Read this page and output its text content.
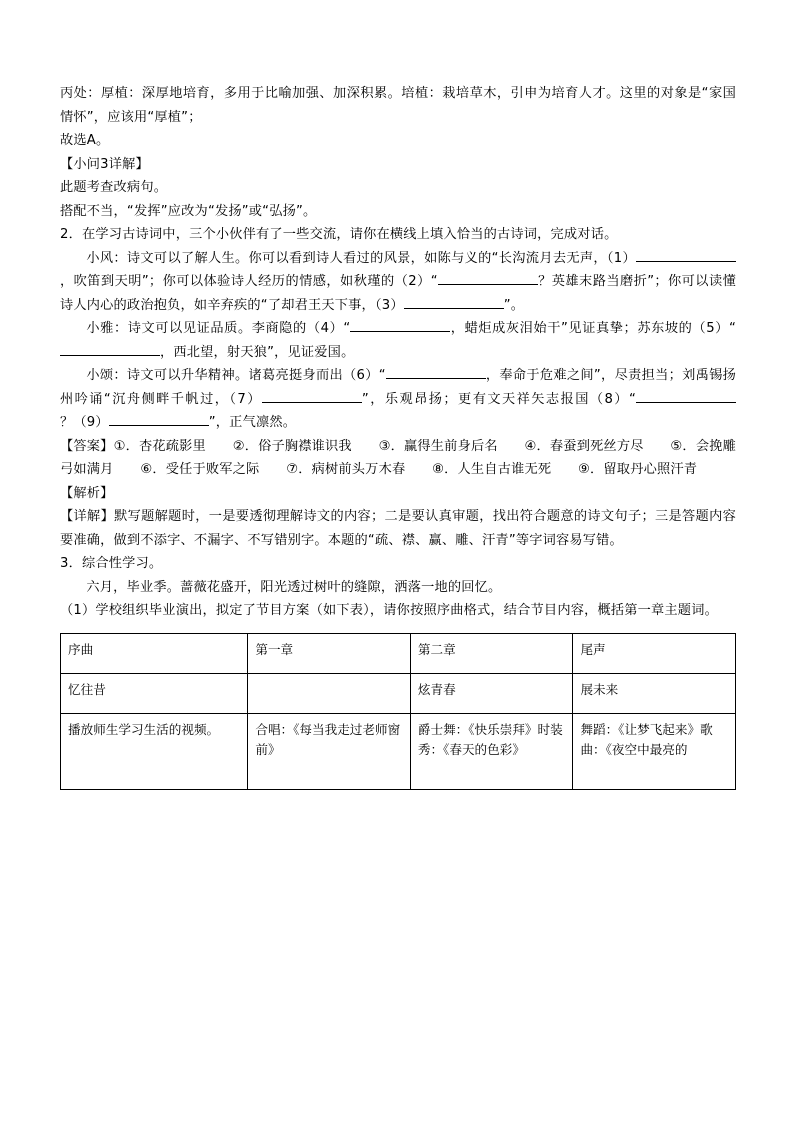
丙处：厚植：深厚地培育，多用于比喻加强、加深积累。培植：栽培草木，引申为培育人才。这里的对象是“家国情怀”，应该用“厚植”；

故选A。

【小问3详解】

此题考查改病句。

搭配不当，“发挥”应改为“发扬”或“弘扬”。

2．在学习古诗词中，三个小伙伴有了一些交流，请你在横线上填入恰当的古诗词，完成对话。

小风：诗文可以了解人生。你可以看到诗人看过的风景，如陈与义的“长沟流月去无声，（1），吹笛到天明”；你可以体验诗人经历的情感，如秋瑾的（2）“	？英雄末路当磨折”；你可以读懂诗人内心的政治抱负，如辛弃疾的“了却君王天下事，（3）	”。

小雅：诗文可以见证品质。李商隐的（4）“	，蜡炬成灰泪始干”见证真挚；苏东坡的（5）“，西北望，射天狼”，见证爱国。

小颂：诗文可以升华精神。诸葛亮挺身而出（6）“	，奉命于危难之间”，尽责担当；刘禹锡扬州吟诵“沉舟侧畔千帆过，（7）	”，乐观昂扬；更有文天祥矢志报国（8）“？（9）	”，正气凛然。

【答案】①．杏花疏影里　　②．俗子胸襟谁识我　　③．赢得生前身后名　　④．春蚕到死丝方尽　　⑤．会挽雕弓如满月　　⑥．受任于败军之际　　⑦．病树前头万木春　　⑧．人生自古谁无死　　⑨．留取丹心照汗青

【解析】

【详解】默写题解题时，一是要透彻理解诗文的内容；二是要认真审题，找出符合题意的诗文句子；三是答题内容要准确，做到不添字、不漏字、不写错别字。本题的“疏、襟、赢、雕、汗青”等字词容易写错。

3．综合性学习。

六月，毕业季。蔷薇花盛开，阳光透过树叶的缝隙，洒落一地的回忆。

（1）学校组织毕业演出，拟定了节目方案（如下表），请你按照序曲格式，结合节目内容，概括第一章主题词。

序曲	第一章	第二章	尾声
忆往昔		炫青春	展未来
播放师生学习生活的视频。	合唱：《每当我走过老师窗前》	爵士舞：《快乐崇拜》时装秀：《春天的色彩》	舞蹈：《让梦飞起来》歌曲：《夜空中最亮的
